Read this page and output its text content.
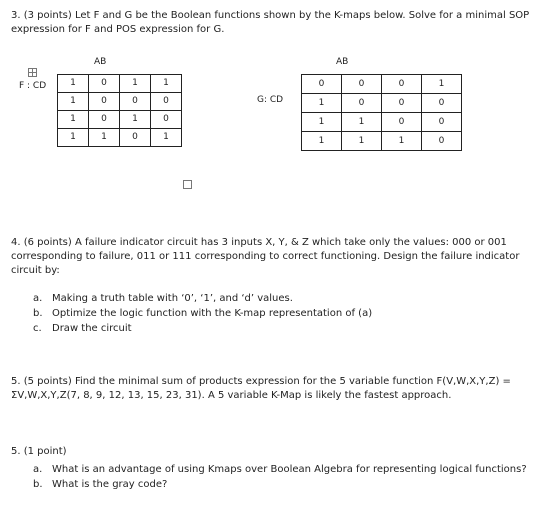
3. (3 points) Let F and G be the Boolean functions shown by the K-maps below. Solve for a minimal SOP
expression for F and POS expression for G.
AB
F : CD	1	0	1	1
1	0	0	0
1	0	1	0
1	1	0	1
AB
G: CD
0	0	0	1
1	0	0	0
1	1	0	0
1	1	1	0
4. (6 points) A failure indicator circuit has 3 inputs X, Y, & Z which take only the values: 000 or 001
corresponding to failure, 011 or 111 corresponding to correct functioning. Design the failure indicator
circuit by:
a. Making a truth table with ‘0’, ‘1’, and ‘d’ values.
b. Optimize the logic function with the K-map representation of (a)
c. Draw the circuit
5. (5 points) Find the minimal sum of products expression for the 5 variable function F(V,W,X,Y,Z) =
ΣV,W,X,Y,Z(7, 8, 9, 12, 13, 15, 23, 31). A 5 variable K-Map is likely the fastest approach.
5. (1 point)
a. What is an advantage of using Kmaps over Boolean Algebra for representing logical functions?
b. What is the gray code?
